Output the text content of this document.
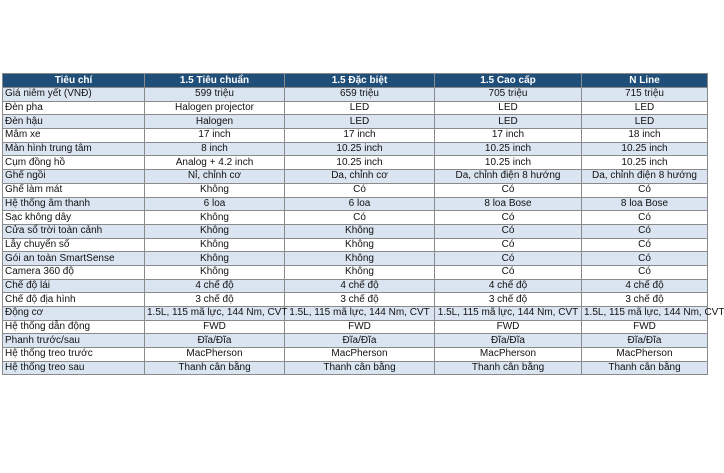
Tiêu chí	1.5 Tiêu chuẩn	1.5 Đặc biệt	1.5 Cao cấp	N Line
Giá niêm yết (VNĐ)	599 triệu	659 triệu	705 triệu	715 triệu
Đèn pha	Halogen projector	LED	LED	LED
Đèn hậu	Halogen	LED	LED	LED
Mâm xe	17 inch	17 inch	17 inch	18 inch
Màn hình trung tâm	8 inch	10.25 inch	10.25 inch	10.25 inch
Cụm đồng hồ	Analog + 4.2 inch	10.25 inch	10.25 inch	10.25 inch
Ghế ngồi	Nỉ, chỉnh cơ	Da, chỉnh cơ	Da, chỉnh điện 8 hướng	Da, chỉnh điện 8 hướng
Ghế làm mát	Không	Có	Có	Có
Hệ thống âm thanh	6 loa	6 loa	8 loa Bose	8 loa Bose
Sạc không dây	Không	Có	Có	Có
Cửa sổ trời toàn cảnh	Không	Không	Có	Có
Lẫy chuyển số	Không	Không	Có	Có
Gói an toàn SmartSense	Không	Không	Có	Có
Camera 360 độ	Không	Không	Có	Có
Chế độ lái	4 chế độ	4 chế độ	4 chế độ	4 chế độ
Chế độ địa hình	3 chế độ	3 chế độ	3 chế độ	3 chế độ
Động cơ	1.5L, 115 mã lực, 144 Nm, CVT	1.5L, 115 mã lực, 144 Nm, CVT	1.5L, 115 mã lực, 144 Nm, CVT	1.5L, 115 mã lực, 144 Nm, CVT
Hệ thống dẫn động	FWD	FWD	FWD	FWD
Phanh trước/sau	Đĩa/Đĩa	Đĩa/Đĩa	Đĩa/Đĩa	Đĩa/Đĩa
Hệ thống treo trước	MacPherson	MacPherson	MacPherson	MacPherson
Hệ thống treo sau	Thanh cân bằng	Thanh cân bằng	Thanh cân bằng	Thanh cân bằng
